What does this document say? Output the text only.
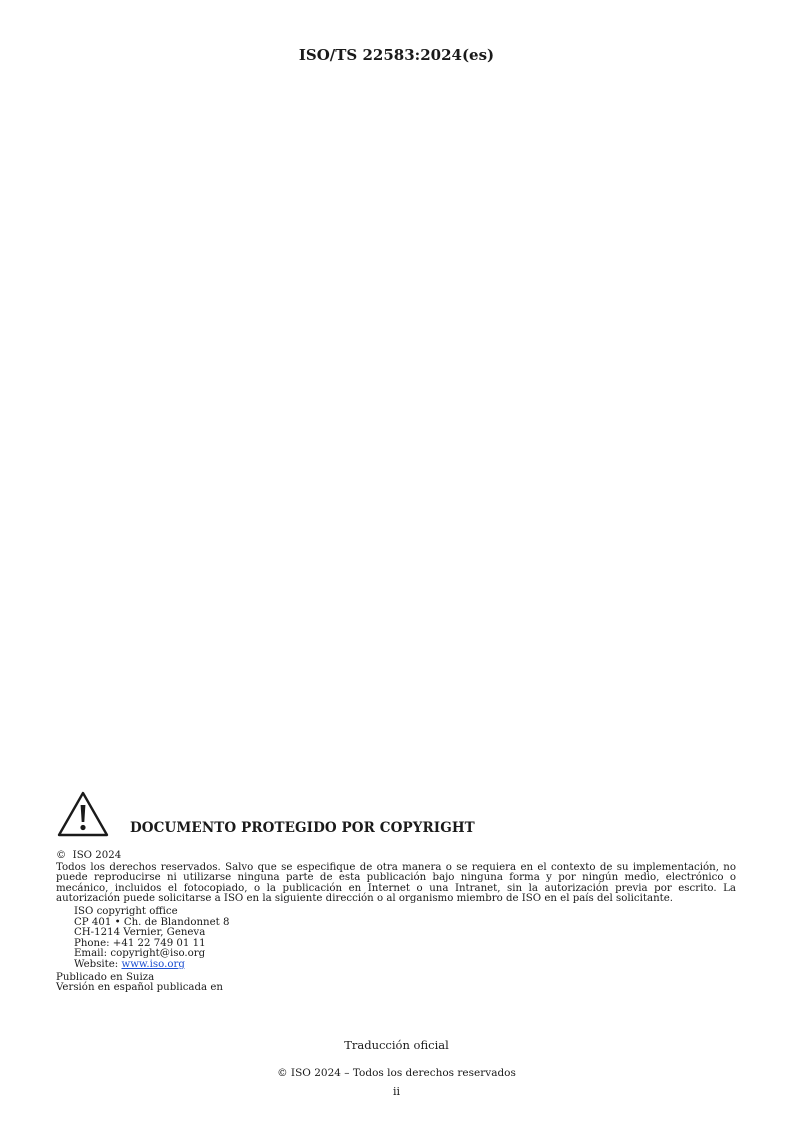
ISO/TS 22583:2024(es)
DOCUMENTO PROTEGIDO POR COPYRIGHT
© ISO 2024
Todos los derechos reservados. Salvo que se especifique de otra manera o se requiera en el contexto de su implementación, no puede reproducirse ni utilizarse ninguna parte de esta publicación bajo ninguna forma y por ningún medio, electrónico o mecánico, incluidos el fotocopiado, o la publicación en Internet o una Intranet, sin la autorización previa por escrito. La autorización puede solicitarse a ISO en la siguiente dirección o al organismo miembro de ISO en el país del solicitante.
ISO copyright office
CP 401 • Ch. de Blandonnet 8
CH-1214 Vernier, Geneva
Phone: +41 22 749 01 11
Email: copyright@iso.org
Website: www.iso.org
Publicado en Suiza
Versión en español publicada en
Traducción oficial
© ISO 2024 – Todos los derechos reservados
ii
